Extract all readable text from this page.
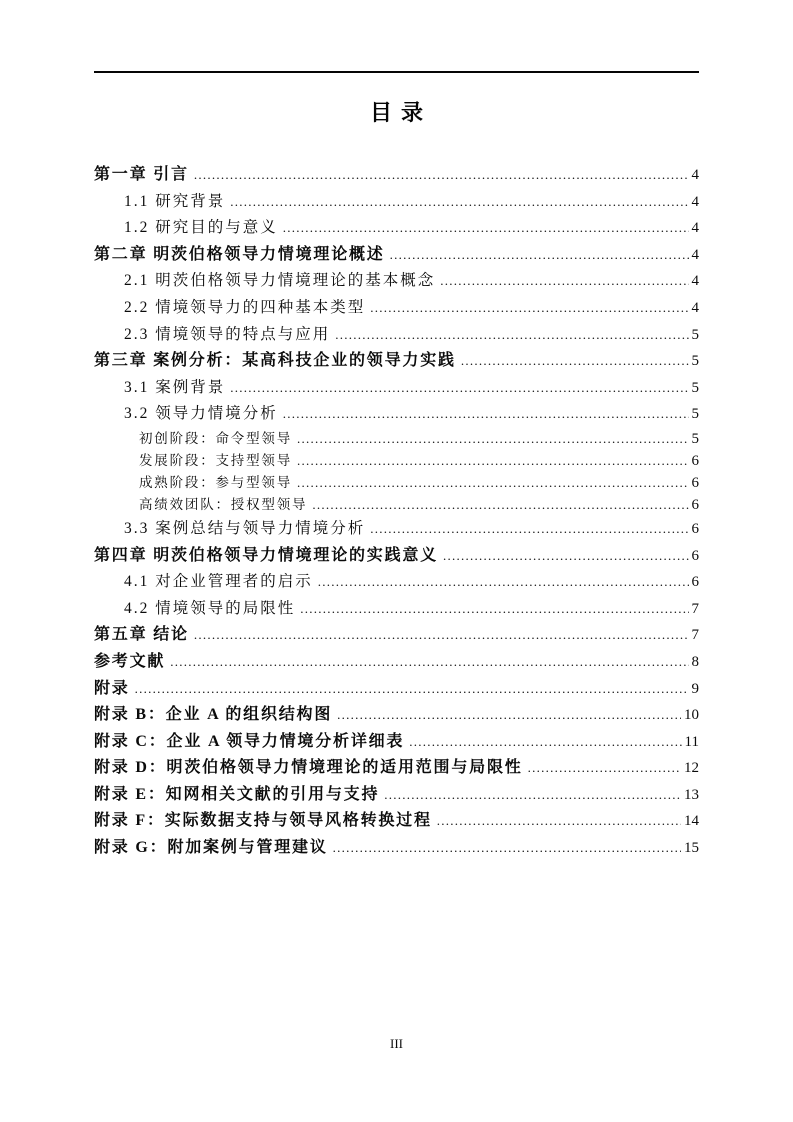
目录
第一章 引言 . . .	4
1.1 研究背景 . . .	4
1.2 研究目的与意义 . . .	4
第二章 明茨伯格领导力情境理论概述 . . .	4
2.1 明茨伯格领导力情境理论的基本概念 . . .	4
2.2 情境领导力的四种基本类型 . . .	4
2.3 情境领导的特点与应用 . . .	5
第三章 案例分析：某高科技企业的领导力实践 . . .	5
3.1 案例背景 . . .	5
3.2 领导力情境分析 . . .	5
初创阶段：命令型领导 . . .	5
发展阶段：支持型领导 . . .	6
成熟阶段：参与型领导 . . .	6
高绩效团队：授权型领导 . . .	6
3.3 案例总结与领导力情境分析 . . .	6
第四章 明茨伯格领导力情境理论的实践意义 . . .	6
4.1 对企业管理者的启示 . . .	6
4.2 情境领导的局限性 . . .	7
第五章 结论 . . .	7
参考文献 . . .	8
附录 . . .	9
附录 B：企业 A 的组织结构图 . . .	10
附录 C：企业 A 领导力情境分析详细表 . . .	11
附录 D：明茨伯格领导力情境理论的适用范围与局限性 . . .	12
附录 E：知网相关文献的引用与支持 . . .	13
附录 F：实际数据支持与领导风格转换过程 . . .	14
附录 G：附加案例与管理建议 . . .	15
III
